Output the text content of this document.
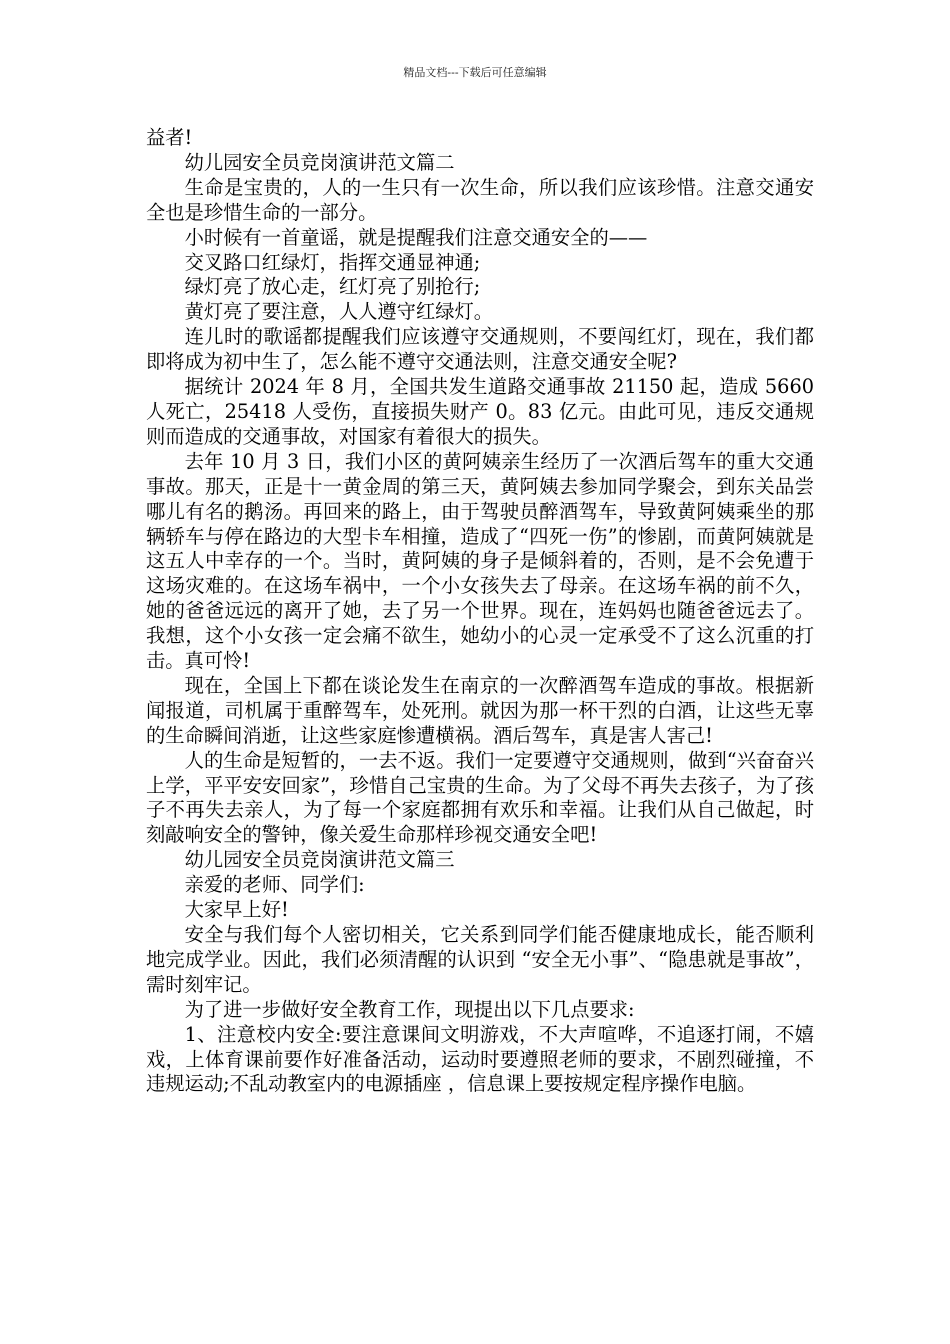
精品文档---下载后可任意编辑

益者!

幼儿园安全员竞岗演讲范文篇二

生命是宝贵的，人的一生只有一次生命，所以我们应该珍惜。注意交通安全也是珍惜生命的一部分。

小时候有一首童谣，就是提醒我们注意交通安全的——

交叉路口红绿灯，指挥交通显神通;

绿灯亮了放心走，红灯亮了别抢行;

黄灯亮了要注意，人人遵守红绿灯。

连儿时的歌谣都提醒我们应该遵守交通规则，不要闯红灯，现在，我们都即将成为初中生了，怎么能不遵守交通法则，注意交通安全呢?

据统计 2024 年 8 月，全国共发生道路交通事故 21150 起，造成 5660 人死亡，25418 人受伤，直接损失财产 0。83 亿元。由此可见，违反交通规则而造成的交通事故，对国家有着很大的损失。

去年 10 月 3 日，我们小区的黄阿姨亲生经历了一次酒后驾车的重大交通事故。那天，正是十一黄金周的第三天，黄阿姨去参加同学聚会，到东关品尝哪儿有名的鹅汤。再回来的路上，由于驾驶员醉酒驾车，导致黄阿姨乘坐的那辆轿车与停在路边的大型卡车相撞，造成了“四死一伤”的惨剧，而黄阿姨就是这五人中幸存的一个。当时，黄阿姨的身子是倾斜着的，否则，是不会免遭于这场灾难的。在这场车祸中，一个小女孩失去了母亲。在这场车祸的前不久，她的爸爸远远的离开了她，去了另一个世界。现在，连妈妈也随爸爸远去了。我想，这个小女孩一定会痛不欲生，她幼小的心灵一定承受不了这么沉重的打击。真可怜!

现在，全国上下都在谈论发生在南京的一次醉酒驾车造成的事故。根据新闻报道，司机属于重醉驾车，处死刑。就因为那一杯干烈的白酒，让这些无辜的生命瞬间消逝，让这些家庭惨遭横祸。酒后驾车，真是害人害己!

人的生命是短暂的，一去不返。我们一定要遵守交通规则，做到“兴奋奋兴上学，平平安安回家”，珍惜自己宝贵的生命。为了父母不再失去孩子，为了孩子不再失去亲人，为了每一个家庭都拥有欢乐和幸福。让我们从自己做起，时刻敲响安全的警钟，像关爱生命那样珍视交通安全吧!

幼儿园安全员竞岗演讲范文篇三

亲爱的老师、同学们:

大家早上好!

安全与我们每个人密切相关，它关系到同学们能否健康地成长，能否顺利地完成学业。因此，我们必须清醒的认识到 “安全无小事”、“隐患就是事故”，需时刻牢记。

为了进一步做好安全教育工作，现提出以下几点要求:

1、注意校内安全:要注意课间文明游戏，不大声喧哗，不追逐打闹，不嬉戏，上体育课前要作好准备活动，运动时要遵照老师的要求，不剧烈碰撞，不违规运动;不乱动教室内的电源插座 ，信息课上要按规定程序操作电脑。
